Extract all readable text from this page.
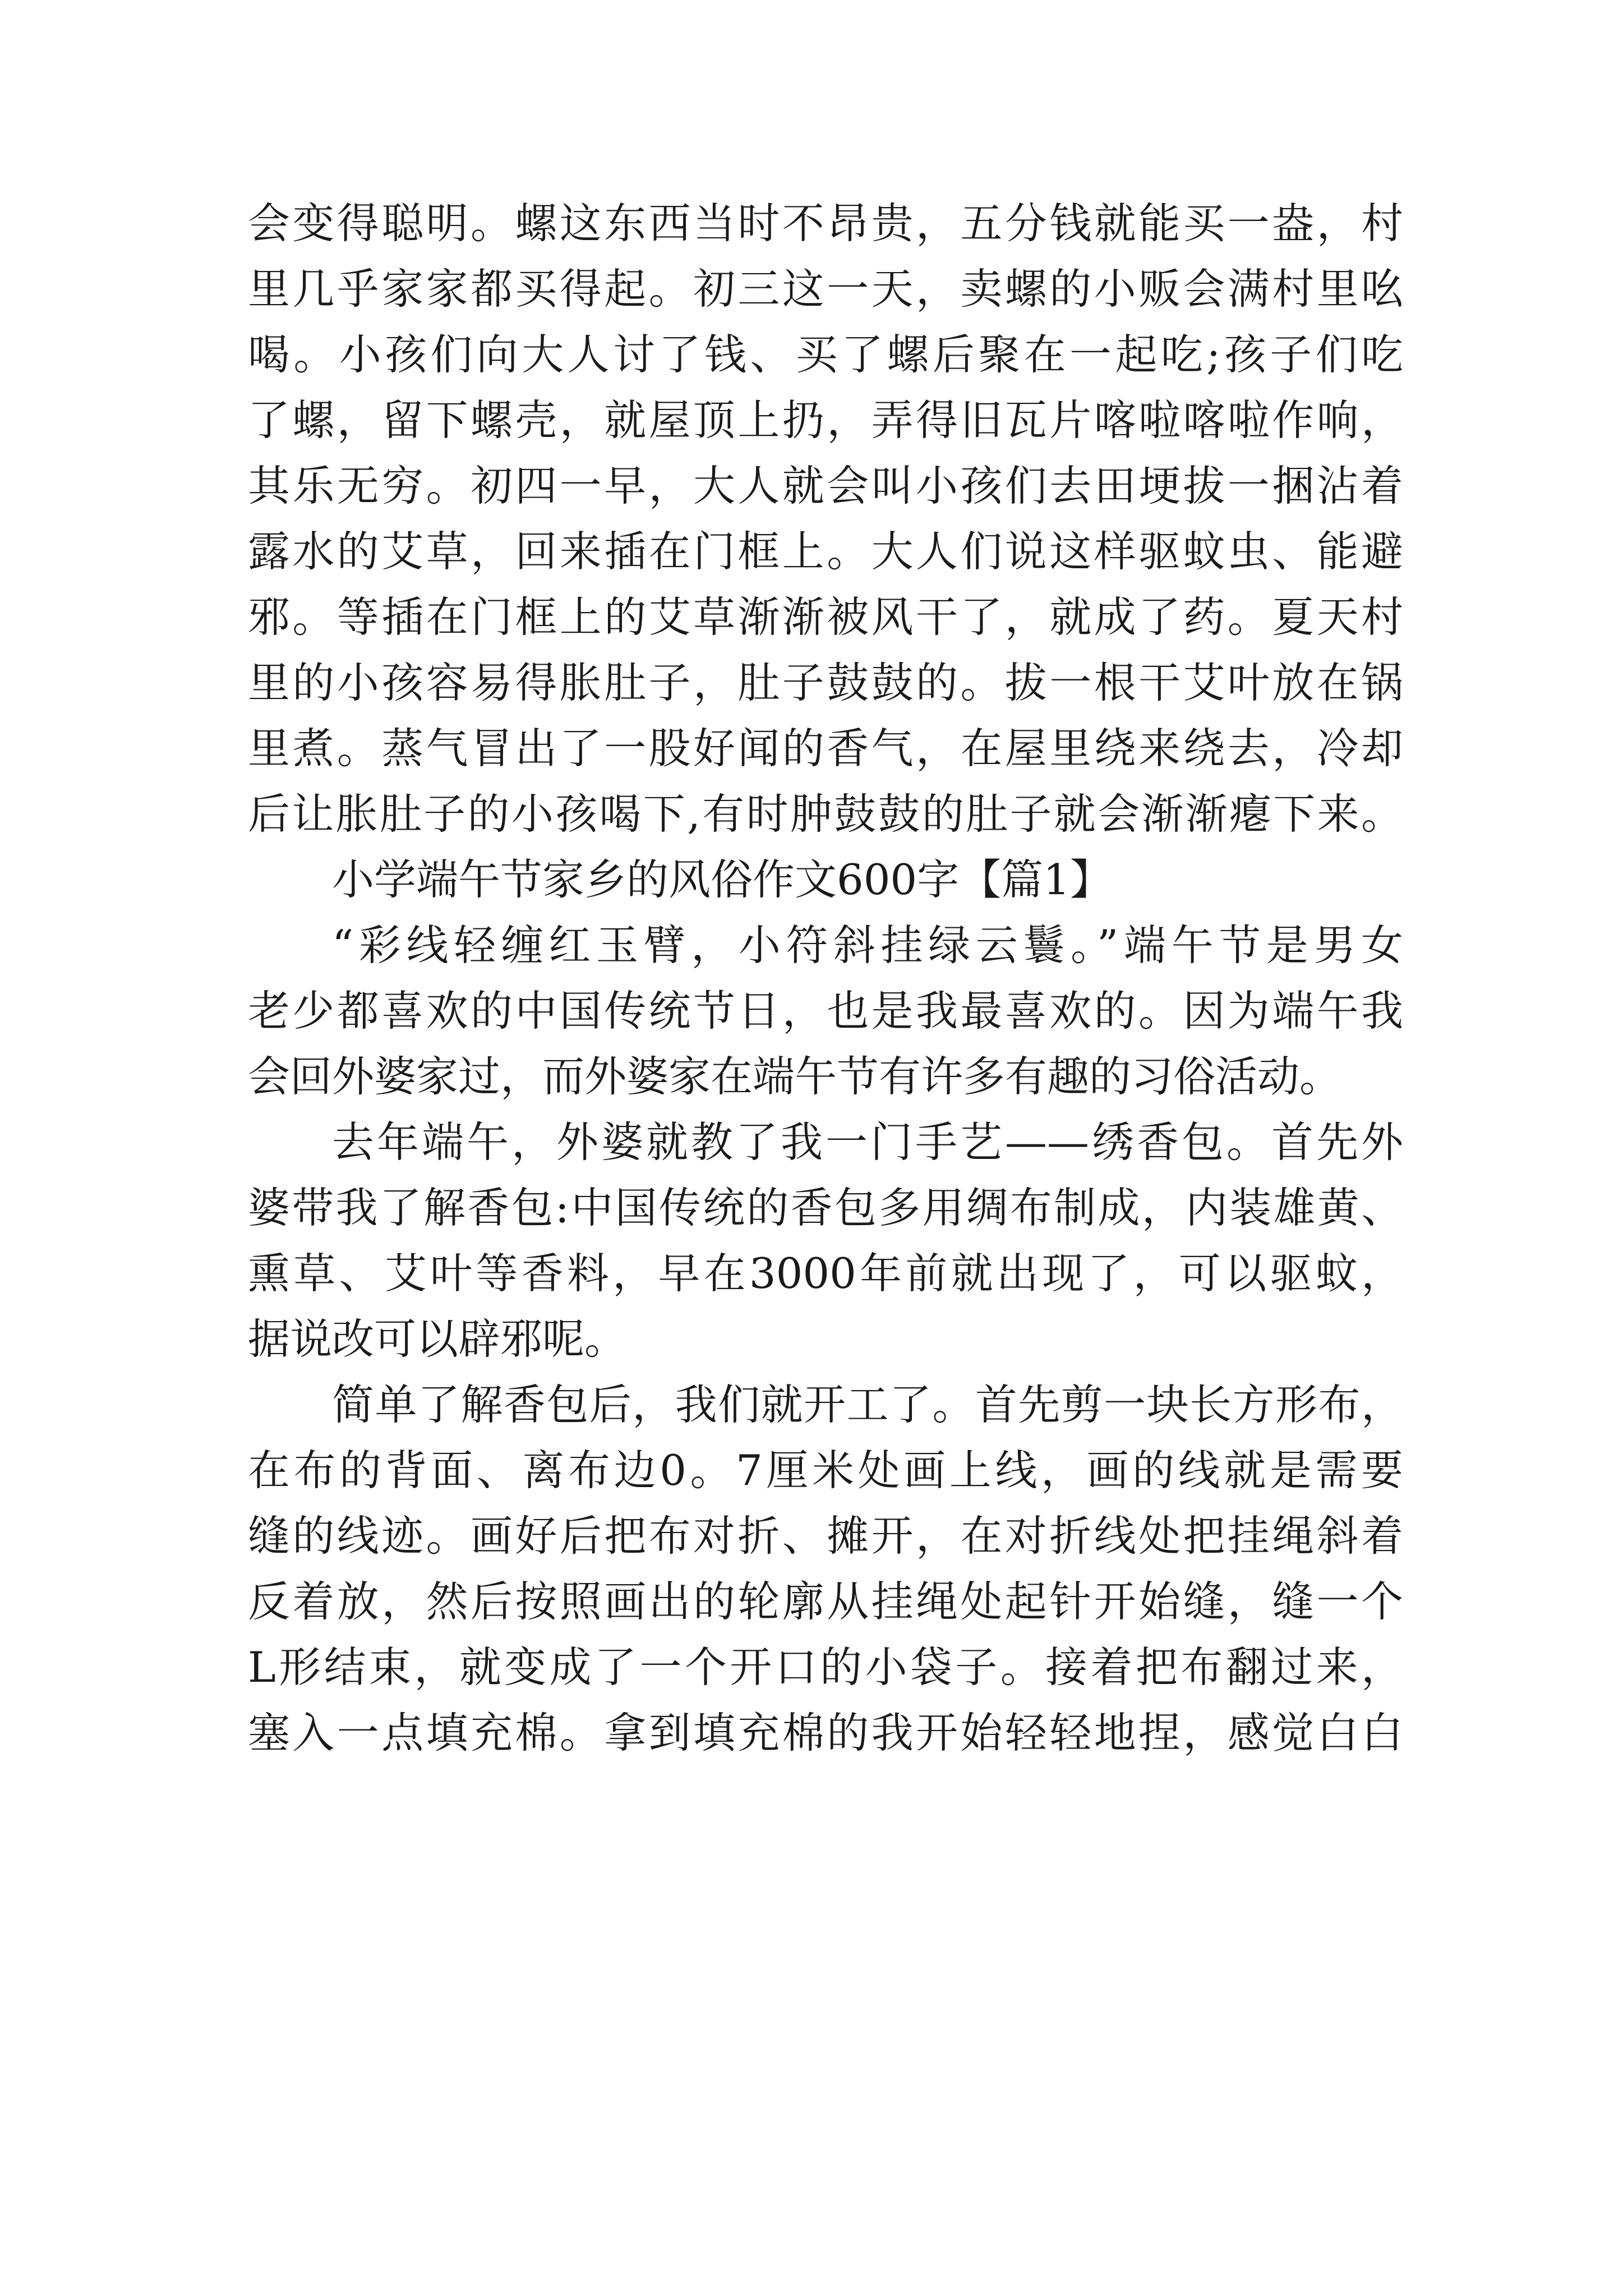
会变得聪明。螺这东西当时不昂贵，五分钱就能买一盎，村
里几乎家家都买得起。初三这一天，卖螺的小贩会满村里吆
喝。小孩们向大人讨了钱、买了螺后聚在一起吃;孩子们吃
了螺，留下螺壳，就屋顶上扔，弄得旧瓦片喀啦喀啦作响，
其乐无穷。初四一早，大人就会叫小孩们去田埂拔一捆沾着
露水的艾草，回来插在门框上。大人们说这样驱蚊虫、能避
邪。等插在门框上的艾草渐渐被风干了，就成了药。夏天村
里的小孩容易得胀肚子，肚子鼓鼓的。拔一根干艾叶放在锅
里煮。蒸气冒出了一股好闻的香气，在屋里绕来绕去，冷却
后让胀肚子的小孩喝下,有时肿鼓鼓的肚子就会渐渐瘪下来。
小学端午节家乡的风俗作文600字【篇1】
“彩线轻缠红玉臂，小符斜挂绿云鬟。”端午节是男女
老少都喜欢的中国传统节日，也是我最喜欢的。因为端午我
会回外婆家过，而外婆家在端午节有许多有趣的习俗活动。
去年端午，外婆就教了我一门手艺——绣香包。首先外
婆带我了解香包:中国传统的香包多用绸布制成，内装雄黄、
熏草、艾叶等香料，早在3000年前就出现了，可以驱蚊，
据说改可以辟邪呢。
简单了解香包后，我们就开工了。首先剪一块长方形布，
在布的背面、离布边0。7厘米处画上线，画的线就是需要
缝的线迹。画好后把布对折、摊开，在对折线处把挂绳斜着
反着放，然后按照画出的轮廓从挂绳处起针开始缝，缝一个
L形结束，就变成了一个开口的小袋子。接着把布翻过来，
塞入一点填充棉。拿到填充棉的我开始轻轻地捏，感觉白白
